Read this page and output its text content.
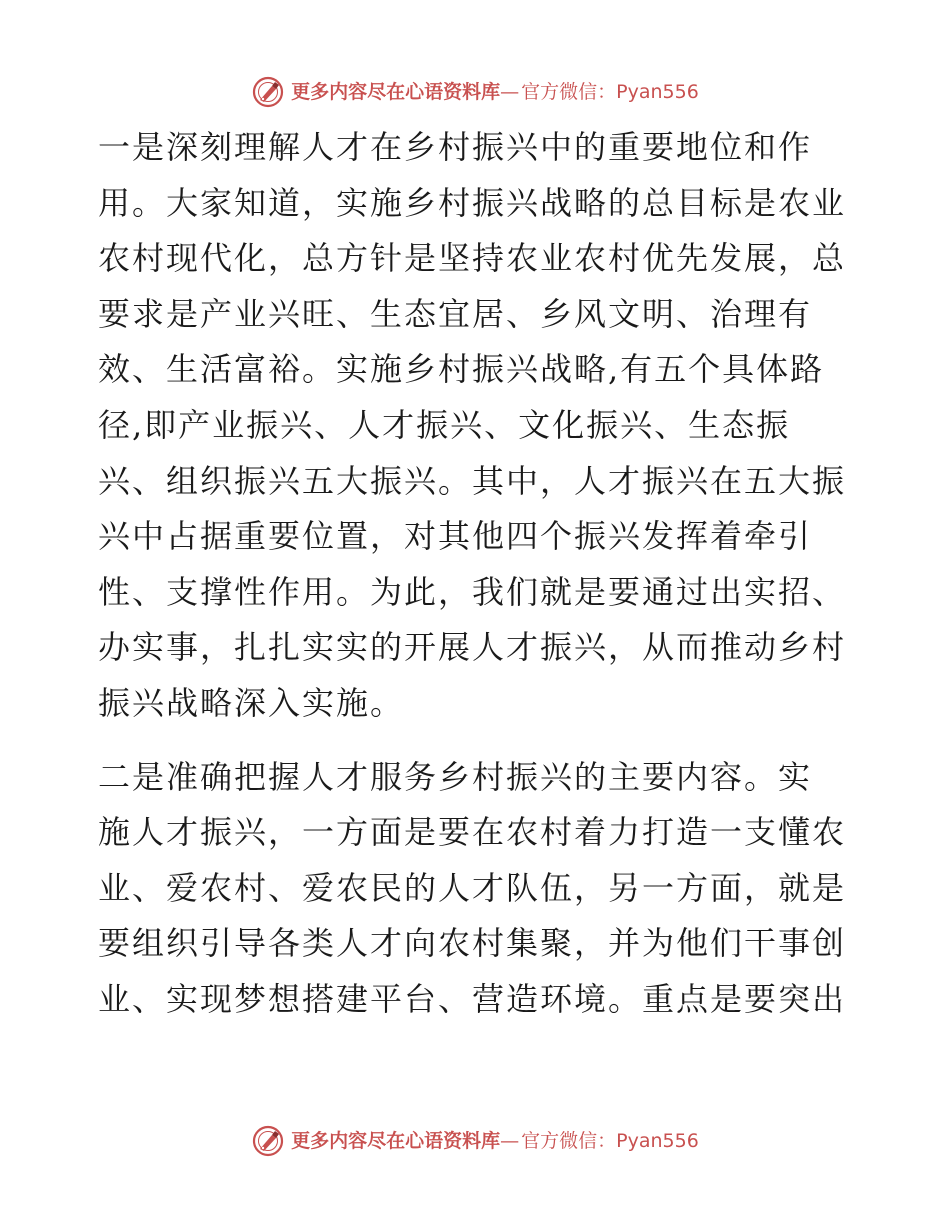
更多内容尽在心语资料库 — 官方微信：Pyan556

一是深刻理解人才在乡村振兴中的重要地位和作
用。大家知道，实施乡村振兴战略的总目标是农业
农村现代化，总方针是坚持农业农村优先发展，总
要求是产业兴旺、生态宜居、乡风文明、治理有
效、生活富裕。实施乡村振兴战略,有五个具体路
径,即产业振兴、人才振兴、文化振兴、生态振
兴、组织振兴五大振兴。其中，人才振兴在五大振
兴中占据重要位置，对其他四个振兴发挥着牵引
性、支撑性作用。为此，我们就是要通过出实招、
办实事，扎扎实实的开展人才振兴，从而推动乡村
振兴战略深入实施。

二是准确把握人才服务乡村振兴的主要内容。实
施人才振兴，一方面是要在农村着力打造一支懂农
业、爱农村、爱农民的人才队伍，另一方面，就是
要组织引导各类人才向农村集聚，并为他们干事创
业、实现梦想搭建平台、营造环境。重点是要突出

更多内容尽在心语资料库 — 官方微信：Pyan556
